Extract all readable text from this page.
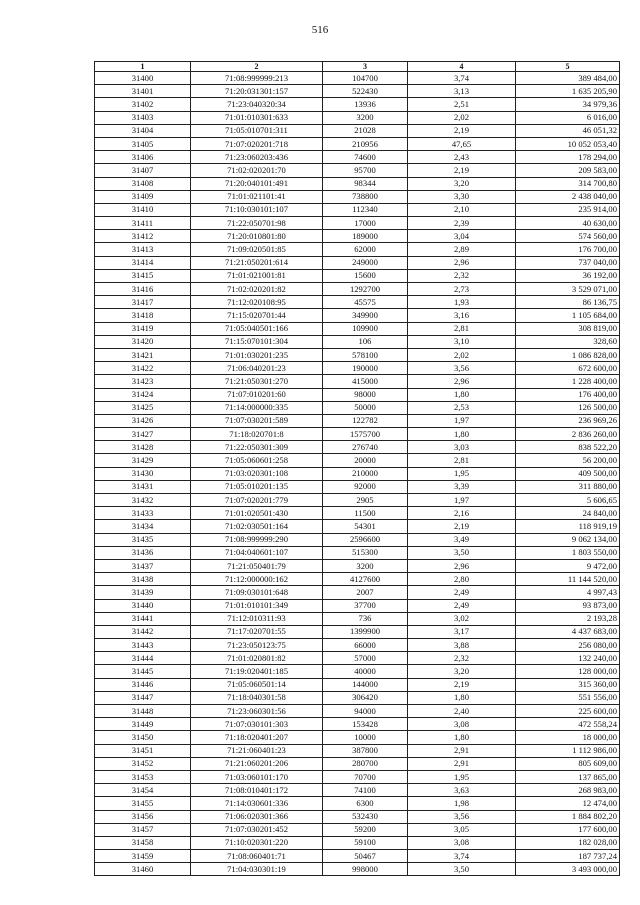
516
1	2	3	4	5
31400	71:08:999999:213	104700	3,74	389 484,00
31401	71:20:031301:157	522430	3,13	1 635 205,90
31402	71:23:040320:34	13936	2,51	34 979,36
31403	71:01:010301:633	3200	2,02	6 016,00
31404	71:05:010701:311	21028	2,19	46 051,32
31405	71:07:020201:718	210956	47,65	10 052 053,40
31406	71:23:060203:436	74600	2,43	178 294,00
31407	71:02:020201:70	95700	2,19	209 583,00
31408	71:20:040101:491	98344	3,20	314 700,80
31409	71:01:021101:41	738800	3,30	2 438 040,00
31410	71:10:030101:107	112340	2,10	235 914,00
31411	71:22:050701:98	17000	2,39	40 630,00
31412	71:20:010801:80	189000	3,04	574 560,00
31413	71:09:020501:85	62000	2,89	176 700,00
31414	71:21:050201:614	249000	2,96	737 040,00
31415	71:01:021001:81	15600	2,32	36 192,00
31416	71:02:020201:82	1292700	2,73	3 529 071,00
31417	71:12:020108:95	45575	1,93	86 136,75
31418	71:15:020701:44	349900	3,16	1 105 684,00
31419	71:05:040501:166	109900	2,81	308 819,00
31420	71:15:070101:304	106	3,10	328,60
31421	71:01:030201:235	578100	2,02	1 086 828,00
31422	71:06:040201:23	190000	3,56	672 600,00
31423	71:21:050301:270	415000	2,96	1 228 400,00
31424	71:07:010201:60	98000	1,80	176 400,00
31425	71:14:000000:335	50000	2,53	126 500,00
31426	71:07:030201:589	122782	1,97	236 969,26
31427	71:18:020701:8	1575700	1,80	2 836 260,00
31428	71:22:050301:309	276740	3,03	838 522,20
31429	71:05:060601:258	20000	2,81	56 200,00
31430	71:03:020301:108	210000	1,95	409 500,00
31431	71:05:010201:135	92000	3,39	311 880,00
31432	71:07:020201:779	2905	1,97	5 606,65
31433	71:01:020501:430	11500	2,16	24 840,00
31434	71:02:030501:164	54301	2,19	118 919,19
31435	71:08:999999:290	2596600	3,49	9 062 134,00
31436	71:04:040601:107	515300	3,50	1 803 550,00
31437	71:21:050401:79	3200	2,96	9 472,00
31438	71:12:000000:162	4127600	2,80	11 144 520,00
31439	71:09:030101:648	2007	2,49	4 997,43
31440	71:01:010101:349	37700	2,49	93 873,00
31441	71:12:010311:93	736	3,02	2 193,28
31442	71:17:020701:55	1399900	3,17	4 437 683,00
31443	71:23:050123:75	66000	3,88	256 080,00
31444	71:01:020801:82	57000	2,32	132 240,00
31445	71:19:020401:185	40000	3,20	128 000,00
31446	71:05:060501:14	144000	2,19	315 360,00
31447	71:18:040301:58	306420	1,80	551 556,00
31448	71:23:060301:56	94000	2,40	225 600,00
31449	71:07:030101:303	153428	3,08	472 558,24
31450	71:18:020401:207	10000	1,80	18 000,00
31451	71:21:060401:23	387800	2,91	1 112 986,00
31452	71:21:060201:206	280700	2,91	805 609,00
31453	71:03:060101:170	70700	1,95	137 865,00
31454	71:08:010401:172	74100	3,63	268 983,00
31455	71:14:030601:336	6300	1,98	12 474,00
31456	71:06:020301:366	532430	3,56	1 884 802,20
31457	71:07:030201:452	59200	3,05	177 600,00
31458	71:10:020301:220	59100	3,08	182 028,00
31459	71:08:060401:71	50467	3,74	187 737,24
31460	71:04:030301:19	998000	3,50	3 493 000,00
